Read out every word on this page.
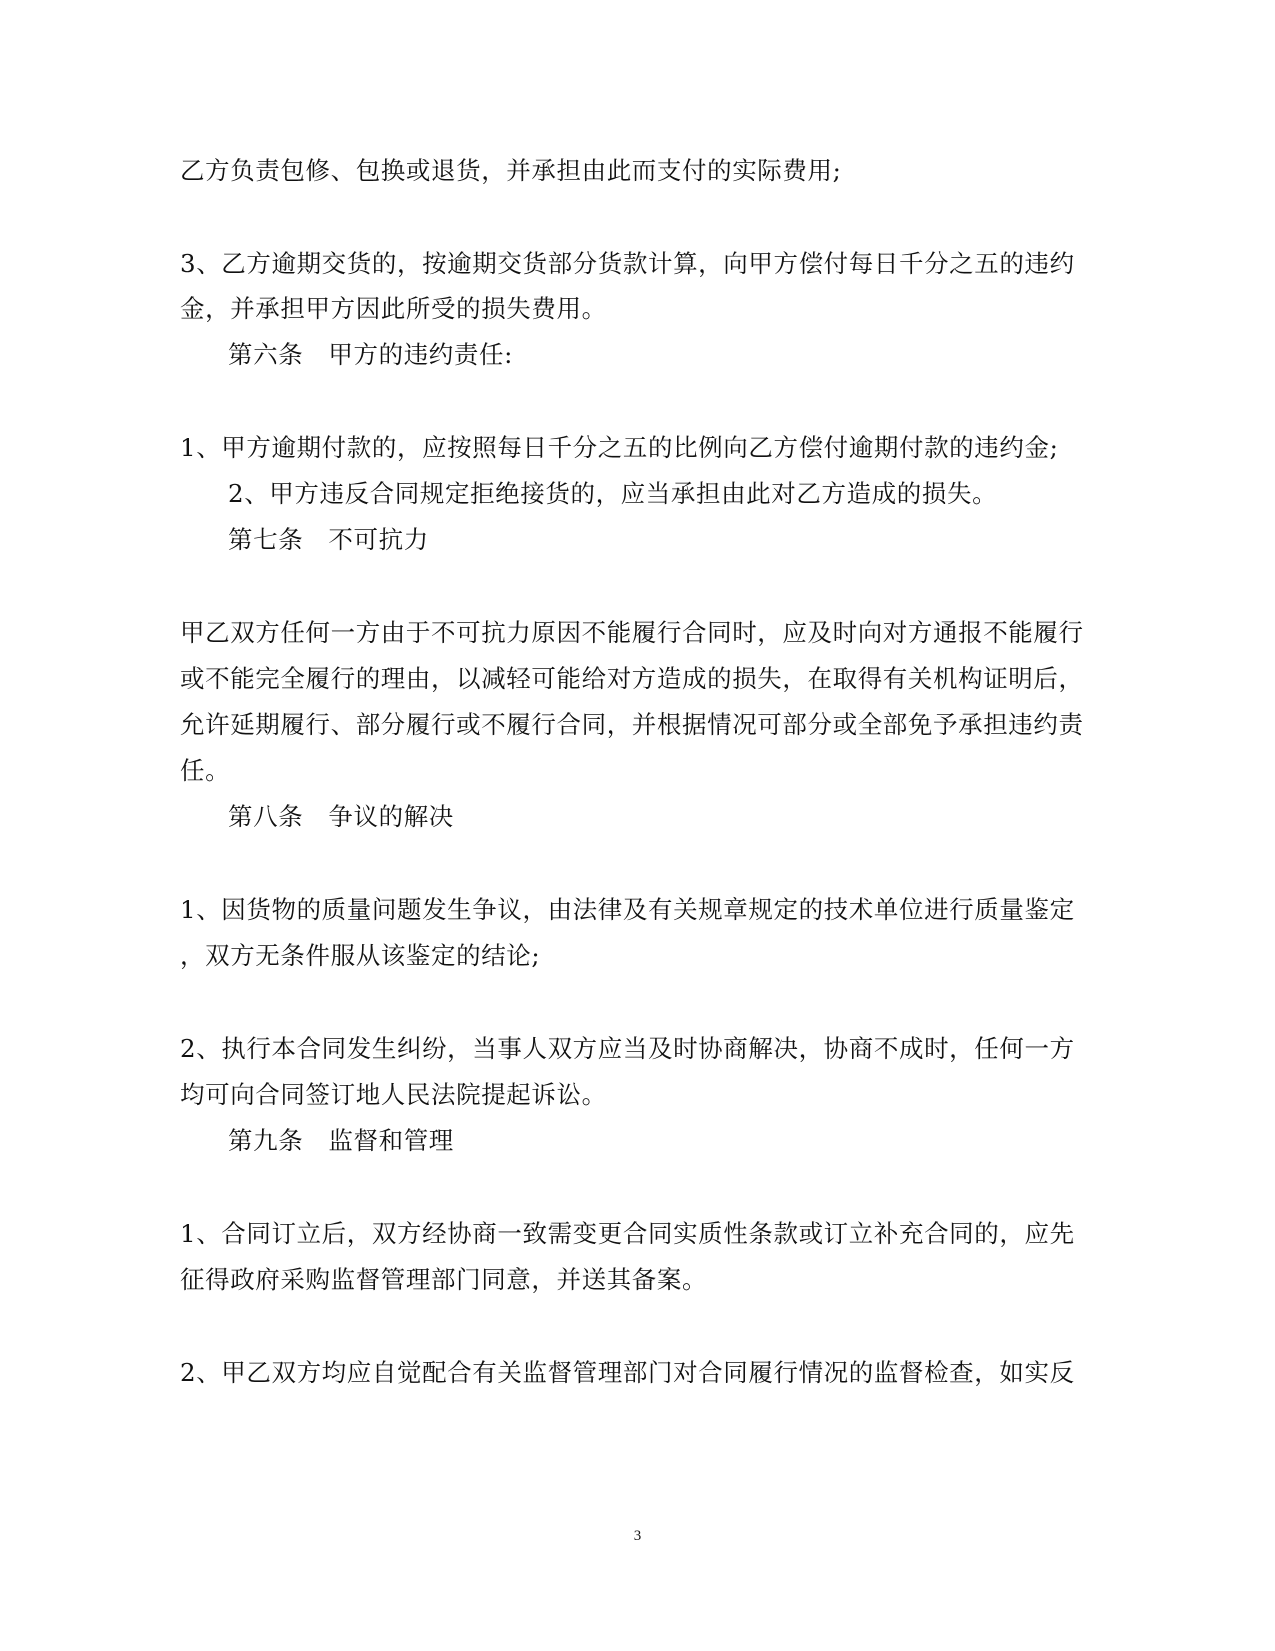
乙方负责包修、包换或退货，并承担由此而支付的实际费用;
3、乙方逾期交货的，按逾期交货部分货款计算，向甲方偿付每日千分之五的违约
金，并承担甲方因此所受的损失费用。
第六条　甲方的违约责任:
1、甲方逾期付款的，应按照每日千分之五的比例向乙方偿付逾期付款的违约金;
2、甲方违反合同规定拒绝接货的，应当承担由此对乙方造成的损失。
第七条　不可抗力
甲乙双方任何一方由于不可抗力原因不能履行合同时，应及时向对方通报不能履行
或不能完全履行的理由，以减轻可能给对方造成的损失，在取得有关机构证明后，
允许延期履行、部分履行或不履行合同，并根据情况可部分或全部免予承担违约责
任。
第八条　争议的解决
1、因货物的质量问题发生争议，由法律及有关规章规定的技术单位进行质量鉴定
，双方无条件服从该鉴定的结论;
2、执行本合同发生纠纷，当事人双方应当及时协商解决，协商不成时，任何一方
均可向合同签订地人民法院提起诉讼。
第九条　监督和管理
1、合同订立后，双方经协商一致需变更合同实质性条款或订立补充合同的，应先
征得政府采购监督管理部门同意，并送其备案。
2、甲乙双方均应自觉配合有关监督管理部门对合同履行情况的监督检查，如实反
3
